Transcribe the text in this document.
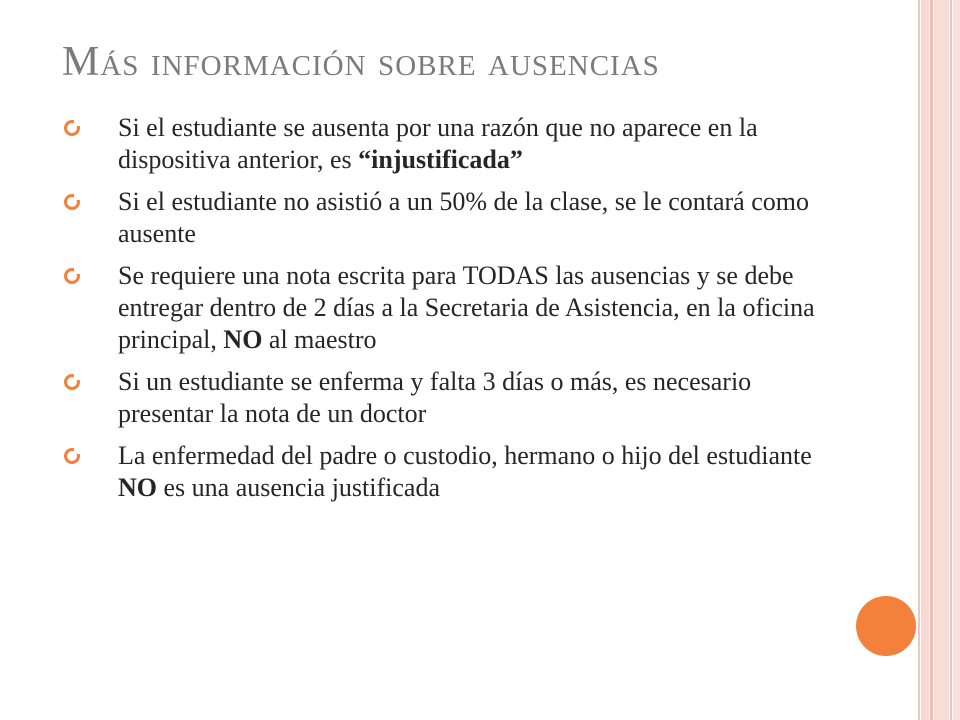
Más información sobre ausencias
Si el estudiante se ausenta por una razón que no aparece en la dispositiva anterior, es “injustificada”
Si el estudiante no asistió a un 50% de la clase, se le contará como ausente
Se requiere una nota escrita para TODAS las ausencias y se debe entregar dentro de 2 días a la Secretaria de Asistencia, en la oficina principal, NO al maestro
Si un estudiante se enferma y falta 3 días o más, es necesario presentar la nota de un doctor
La enfermedad del padre o custodio, hermano o hijo del estudiante NO es una ausencia justificada
